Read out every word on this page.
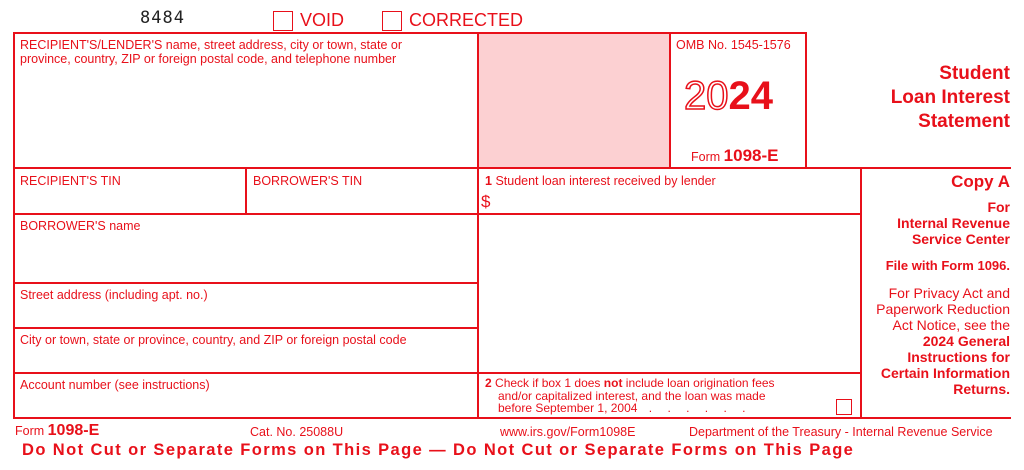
8484	VOID	CORRECTED
RECIPIENT'S/LENDER'S name, street address, city or town, state or
province, country, ZIP or foreign postal code, and telephone number
OMB No. 1545-1576
2024
Form 1098-E
Student
Loan Interest
Statement
RECIPIENT'S TIN	BORROWER'S TIN	1 Student loan interest received by lender
$
BORROWER'S name
Street address (including apt. no.)
City or town, state or province, country, and ZIP or foreign postal code
Account number (see instructions)	2 Check if box 1 does not include loan origination fees
and/or capitalized interest, and the loan was made
before September 1, 2004 . . . . . .
Copy A
For
Internal Revenue
Service Center
File with Form 1096.
For Privacy Act and
Paperwork Reduction
Act Notice, see the
2024 General
Instructions for
Certain Information
Returns.
Form 1098-E	Cat. No. 25088U	www.irs.gov/Form1098E	Department of the Treasury - Internal Revenue Service
Do Not Cut or Separate Forms on This Page — Do Not Cut or Separate Forms on This Page
